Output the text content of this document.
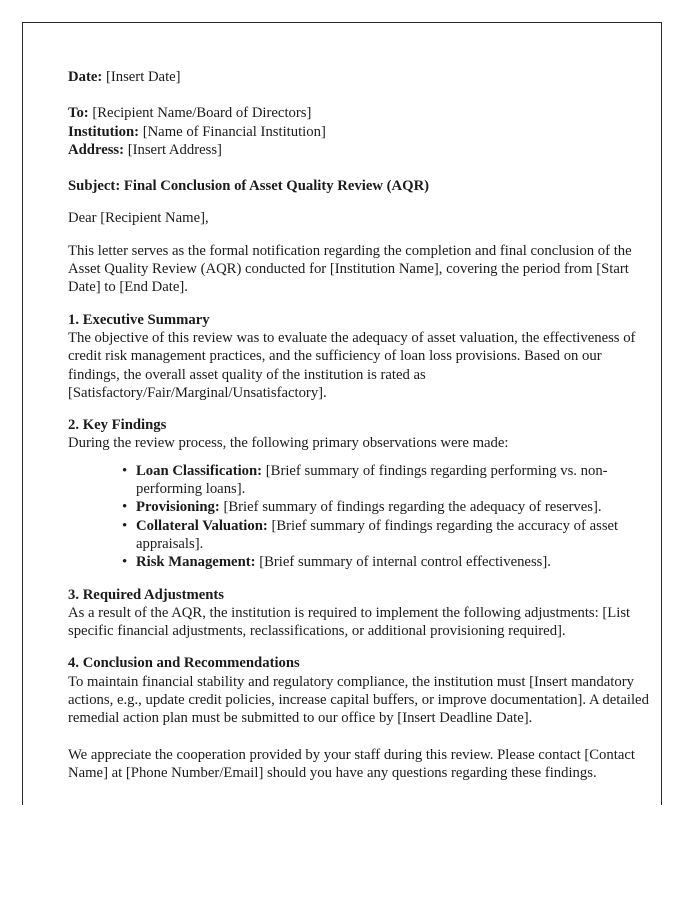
Date: [Insert Date]
To: [Recipient Name/Board of Directors]
Institution: [Name of Financial Institution]
Address: [Insert Address]
Subject: Final Conclusion of Asset Quality Review (AQR)

Dear [Recipient Name],

This letter serves as the formal notification regarding the completion and final conclusion of the Asset Quality Review (AQR) conducted for [Institution Name], covering the period from [Start Date] to [End Date].

1. Executive Summary

The objective of this review was to evaluate the adequacy of asset valuation, the effectiveness of credit risk management practices, and the sufficiency of loan loss provisions. Based on our findings, the overall asset quality of the institution is rated as [Satisfactory/Fair/Marginal/Unsatisfactory].

2. Key Findings

During the review process, the following primary observations were made:

• Loan Classification: [Brief summary of findings regarding performing vs. non-performing loans].
• Provisioning: [Brief summary of findings regarding the adequacy of reserves].
• Collateral Valuation: [Brief summary of findings regarding the accuracy of asset appraisals].
• Risk Management: [Brief summary of internal control effectiveness].
3. Required Adjustments

As a result of the AQR, the institution is required to implement the following adjustments: [List specific financial adjustments, reclassifications, or additional provisioning required].

4. Conclusion and Recommendations

To maintain financial stability and regulatory compliance, the institution must [Insert mandatory actions, e.g., update credit policies, increase capital buffers, or improve documentation]. A detailed remedial action plan must be submitted to our office by [Insert Deadline Date].

We appreciate the cooperation provided by your staff during this review. Please contact [Contact Name] at [Phone Number/Email] should you have any questions regarding these findings.
